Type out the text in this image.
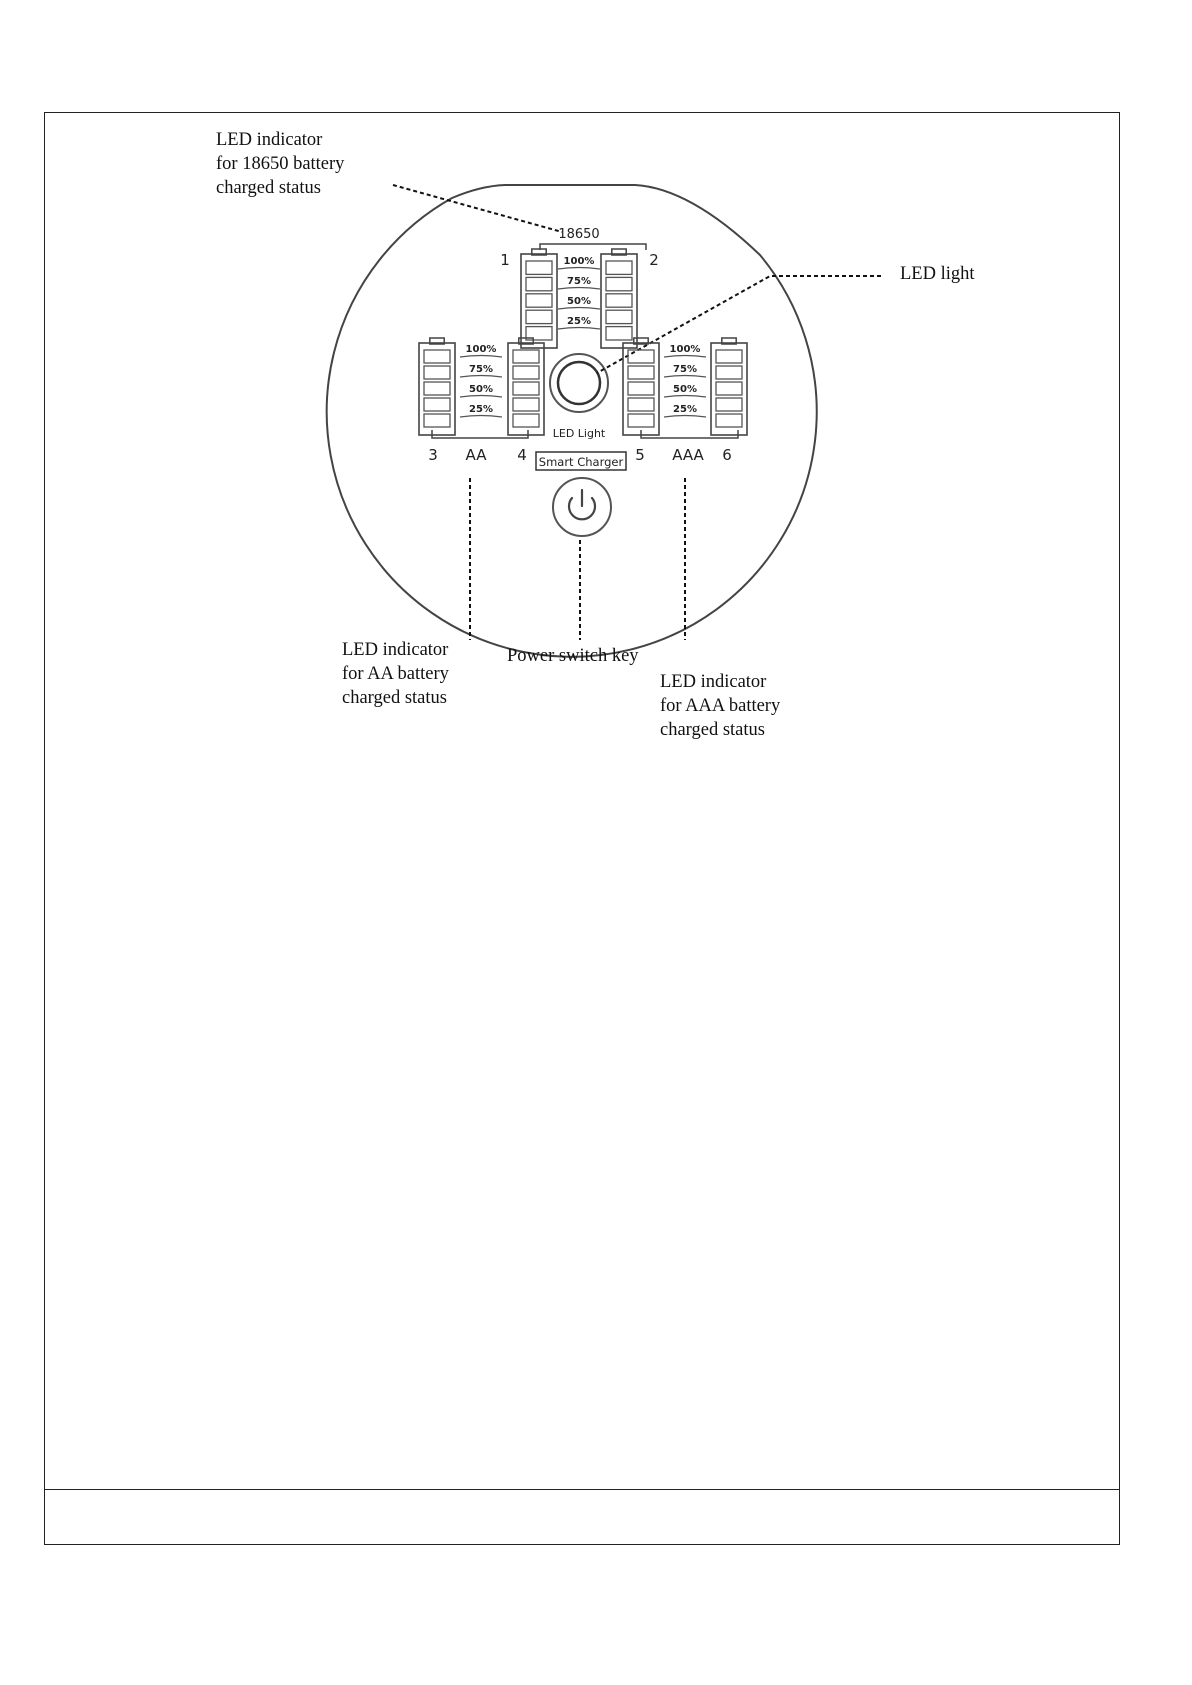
18650
AA	AAA
1	2
3	4	5	6
LED Light
Smart Charger
100%
75%
50%
25%
100%
75%
50%
25%
100%
75%
50%
25%
LED indicator
for 18650 battery
charged status
LED light
LED indicator
for AA battery
charged status
Power switch key
LED indicator
for AAA battery
charged status
